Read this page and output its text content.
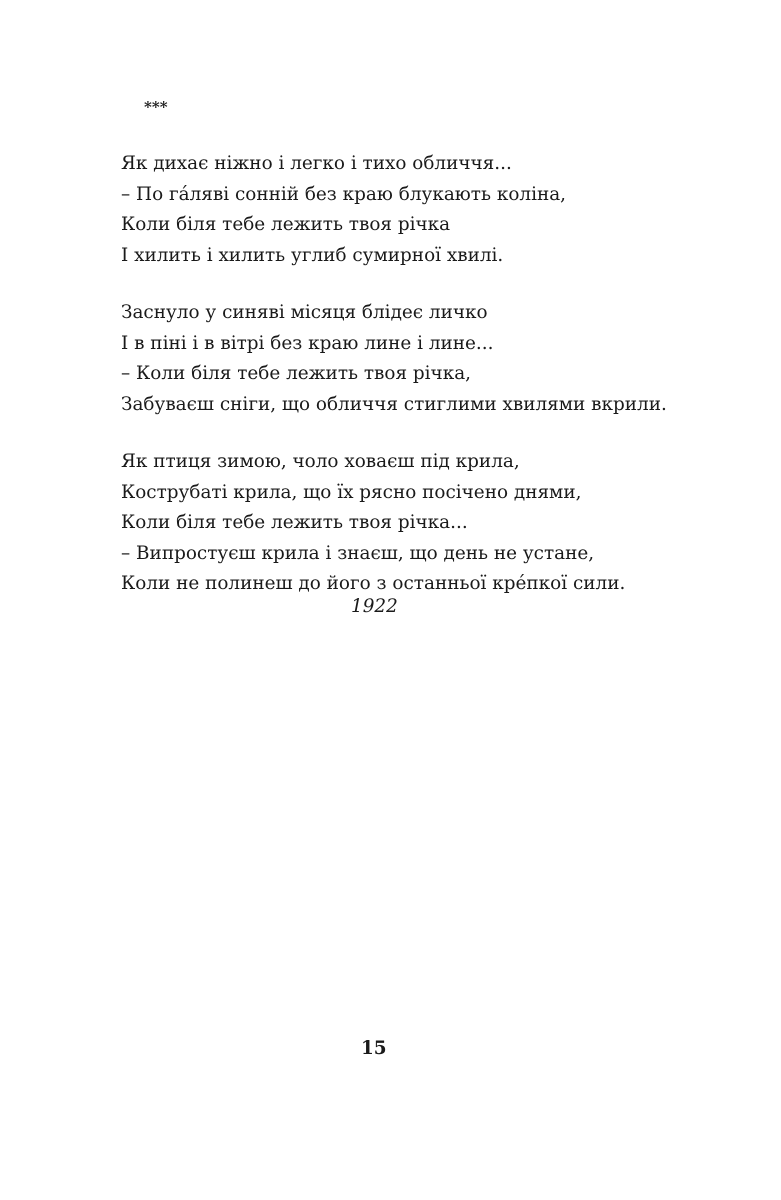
***
Як дихає ніжно і легко і тихо обличчя...
– По га́ляві сонній без краю блукають коліна,
Коли біля тебе лежить твоя річка
І хилить і хилить углиб сумирної хвилі.
Заснуло у синяві місяця блідеє личко
І в піні і в вітрі без краю лине і лине...
– Коли біля тебе лежить твоя річка,
Забуваєш сніги, що обличчя стиглими хвилями вкрили.
Як птиця зимою, чоло ховаєш під крила,
Кострубаті крила, що їх рясно посічено днями,
Коли біля тебе лежить твоя річка...
– Випростуєш крила і знаєш, що день не устане,
Коли не полинеш до його з останньої кре́пкої сили.
1922
15
